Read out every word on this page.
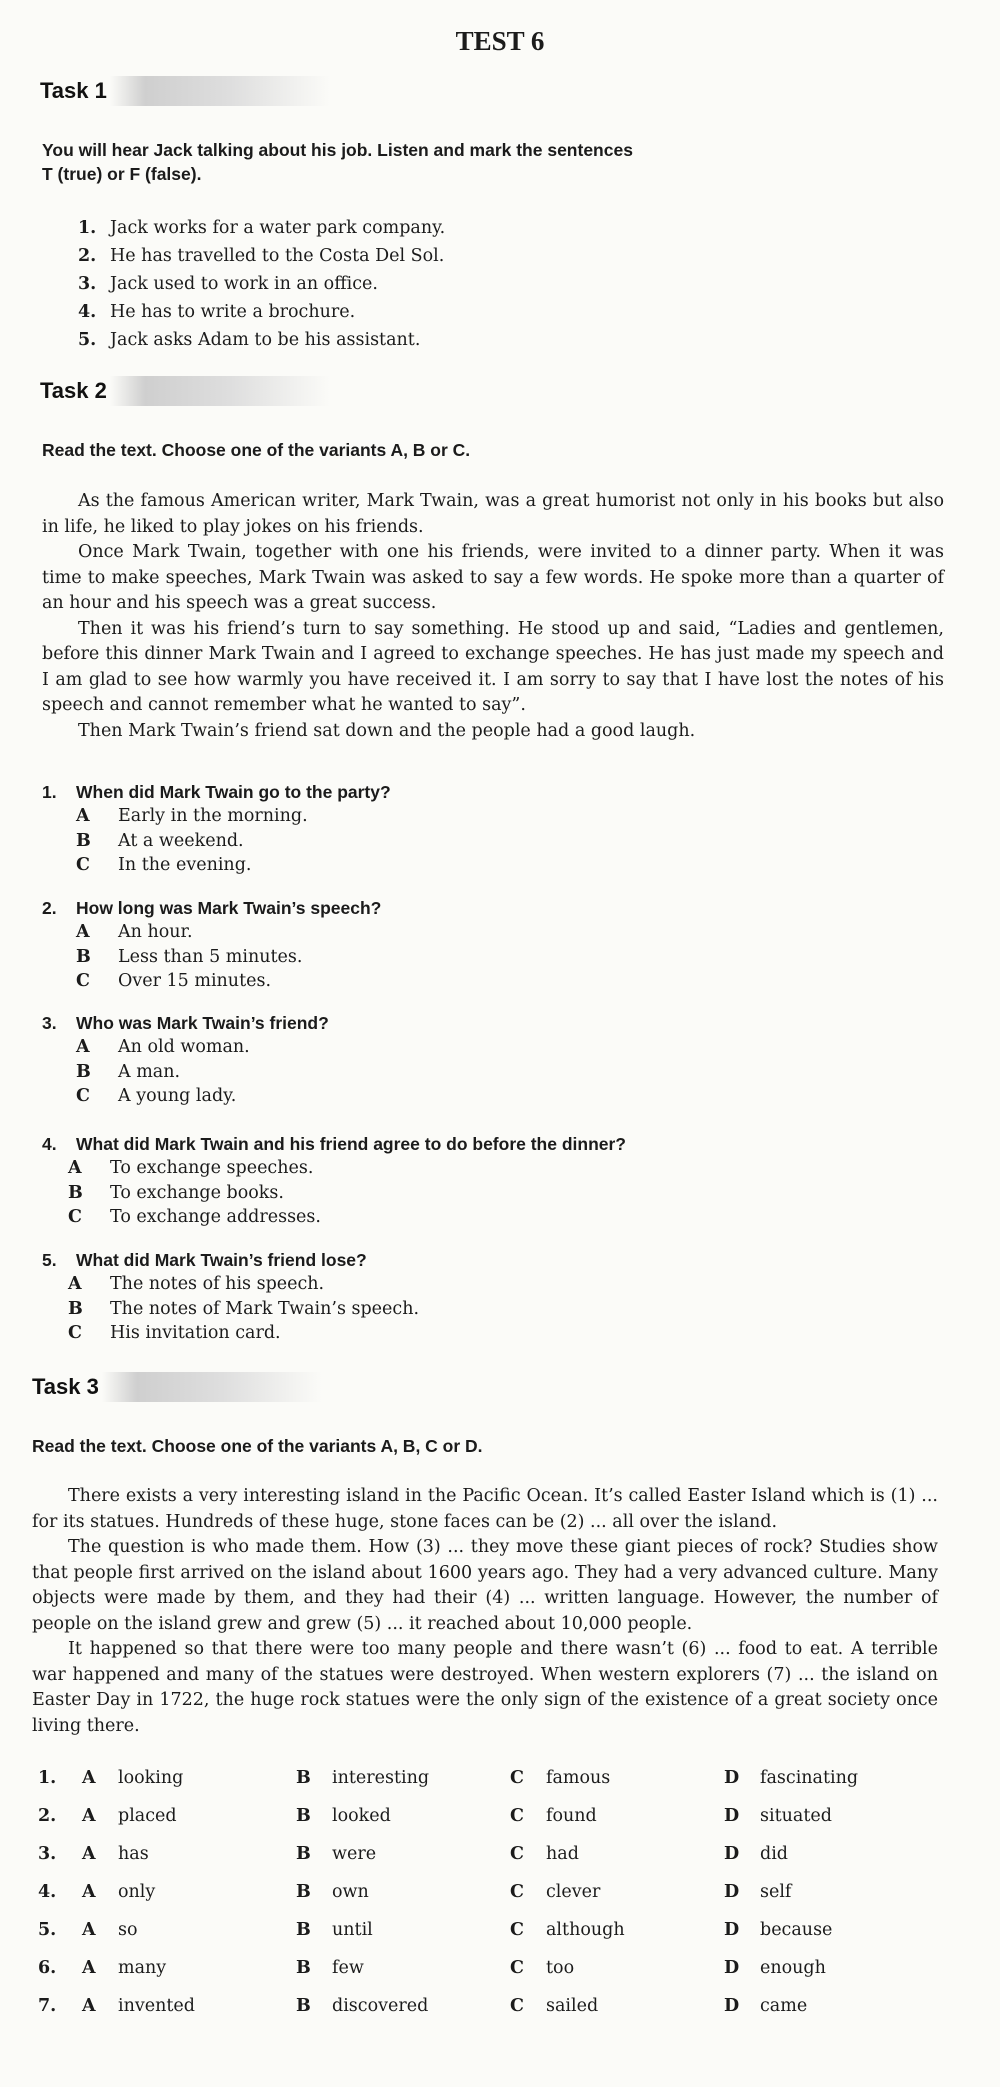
TEST 6
Task 1
You will hear Jack talking about his job. Listen and mark the sentences
T (true) or F (false).
1. Jack works for a water park company.
2. He has travelled to the Costa Del Sol.
3. Jack used to work in an office.
4. He has to write a brochure.
5. Jack asks Adam to be his assistant.
Task 2
Read the text. Choose one of the variants A, B or C.

As the famous American writer, Mark Twain, was a great humorist not only in his books but also in life, he liked to play jokes on his friends.

Once Mark Twain, together with one his friends, were invited to a dinner party. When it was time to make speeches, Mark Twain was asked to say a few words. He spoke more than a quarter of an hour and his speech was a great success.

Then it was his friend’s turn to say something. He stood up and said, “Ladies and gentlemen, before this dinner Mark Twain and I agreed to exchange speeches. He has just made my speech and I am glad to see how warmly you have received it. I am sorry to say that I have lost the notes of his speech and cannot remember what he wanted to say”.

Then Mark Twain’s friend sat down and the people had a good laugh.

1. When did Mark Twain go to the party?
A Early in the morning.
B At a weekend.
C In the evening.
2. How long was Mark Twain’s speech?
A An hour.
B Less than 5 minutes.
C Over 15 minutes.
3. Who was Mark Twain’s friend?
A An old woman.
B A man.
C A young lady.
4. What did Mark Twain and his friend agree to do before the dinner?
A To exchange speeches.
B To exchange books.
C To exchange addresses.
5. What did Mark Twain’s friend lose?
A The notes of his speech.
B The notes of Mark Twain’s speech.
C His invitation card.
Task 3
Read the text. Choose one of the variants A, B, C or D.

There exists a very interesting island in the Pacific Ocean. It’s called Easter Island which is (1) ... for its statues. Hundreds of these huge, stone faces can be (2) ... all over the island.

The question is who made them. How (3) ... they move these giant pieces of rock? Studies show that people first arrived on the island about 1600 years ago. They had a very advanced culture. Many objects were made by them, and they had their (4) ... written language. However, the number of people on the island grew and grew (5) ... it reached about 10,000 people.

It happened so that there were too many people and there wasn’t (6) ... food to eat. A terrible war happened and many of the statues were destroyed. When western explorers (7) ... the island on Easter Day in 1722, the huge rock statues were the only sign of the existence of a great society once living there.

1. A looking	B interesting	C famous	D fascinating
2. A placed	B looked	C found	D situated
3. A has	B were	C had	D did
4. A only	B own	C clever	D self
5. A so	B until	C although	D because
6. A many	B few	C too	D enough
7. A invented	B discovered	C sailed	D came
